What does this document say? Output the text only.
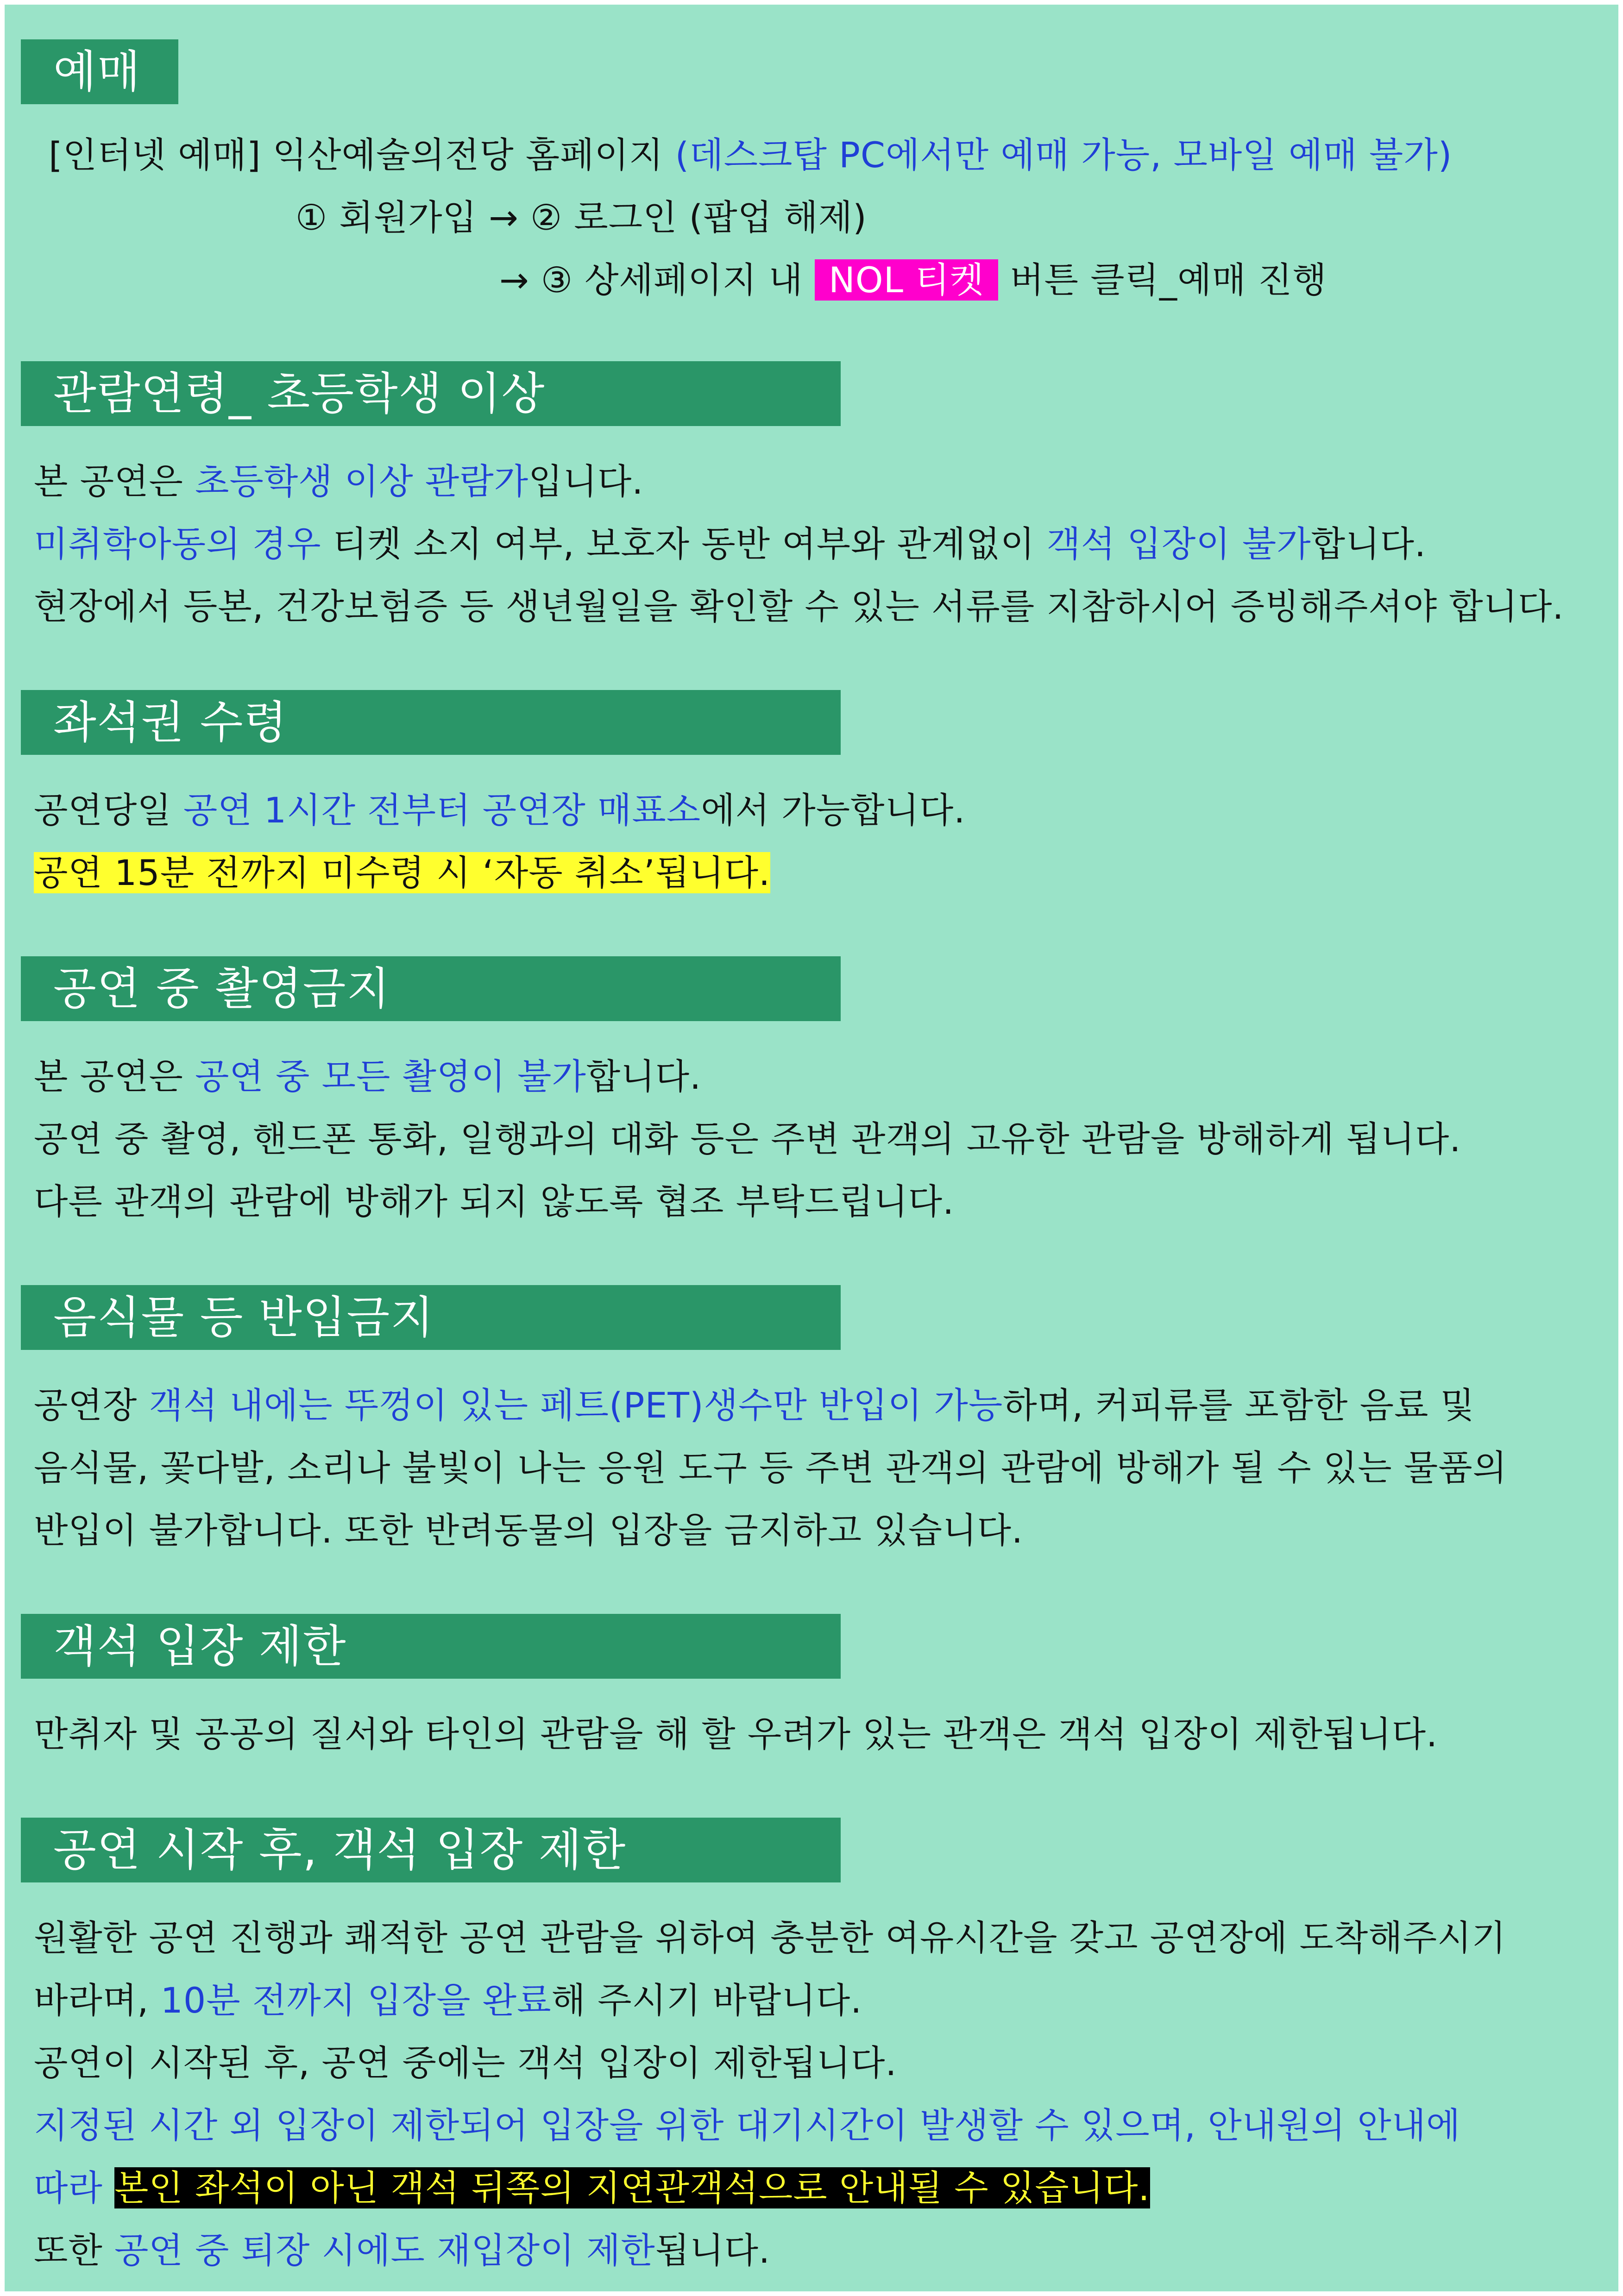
예매
[인터넷 예매] 익산예술의전당 홈페이지 (데스크탑 PC에서만 예매 가능, 모바일 예매 불가)
① 회원가입 → ② 로그인 (팝업 해제)
→ ③ 상세페이지 내 NOL 티켓 버튼 클릭_예매 진행
관람연령_ 초등학생 이상
본 공연은 초등학생 이상 관람가입니다.
미취학아동의 경우 티켓 소지 여부, 보호자 동반 여부와 관계없이 객석 입장이 불가합니다.
현장에서 등본, 건강보험증 등 생년월일을 확인할 수 있는 서류를 지참하시어 증빙해주셔야 합니다.
좌석권 수령
공연당일 공연 1시간 전부터 공연장 매표소에서 가능합니다.
공연 15분 전까지 미수령 시 ‘자동 취소’됩니다.
공연 중 촬영금지
본 공연은 공연 중 모든 촬영이 불가합니다.
공연 중 촬영, 핸드폰 통화, 일행과의 대화 등은 주변 관객의 고유한 관람을 방해하게 됩니다.
다른 관객의 관람에 방해가 되지 않도록 협조 부탁드립니다.
음식물 등 반입금지
공연장 객석 내에는 뚜껑이 있는 페트(PET)생수만 반입이 가능하며, 커피류를 포함한 음료 및
음식물, 꽃다발, 소리나 불빛이 나는 응원 도구 등 주변 관객의 관람에 방해가 될 수 있는 물품의
반입이 불가합니다. 또한 반려동물의 입장을 금지하고 있습니다.
객석 입장 제한
만취자 및 공공의 질서와 타인의 관람을 해 할 우려가 있는 관객은 객석 입장이 제한됩니다.
공연 시작 후, 객석 입장 제한
원활한 공연 진행과 쾌적한 공연 관람을 위하여 충분한 여유시간을 갖고 공연장에 도착해주시기
바라며, 10분 전까지 입장을 완료해 주시기 바랍니다.
공연이 시작된 후, 공연 중에는 객석 입장이 제한됩니다.
지정된 시간 외 입장이 제한되어 입장을 위한 대기시간이 발생할 수 있으며, 안내원의 안내에
따라 본인 좌석이 아닌 객석 뒤쪽의 지연관객석으로 안내될 수 있습니다.
또한 공연 중 퇴장 시에도 재입장이 제한됩니다.
